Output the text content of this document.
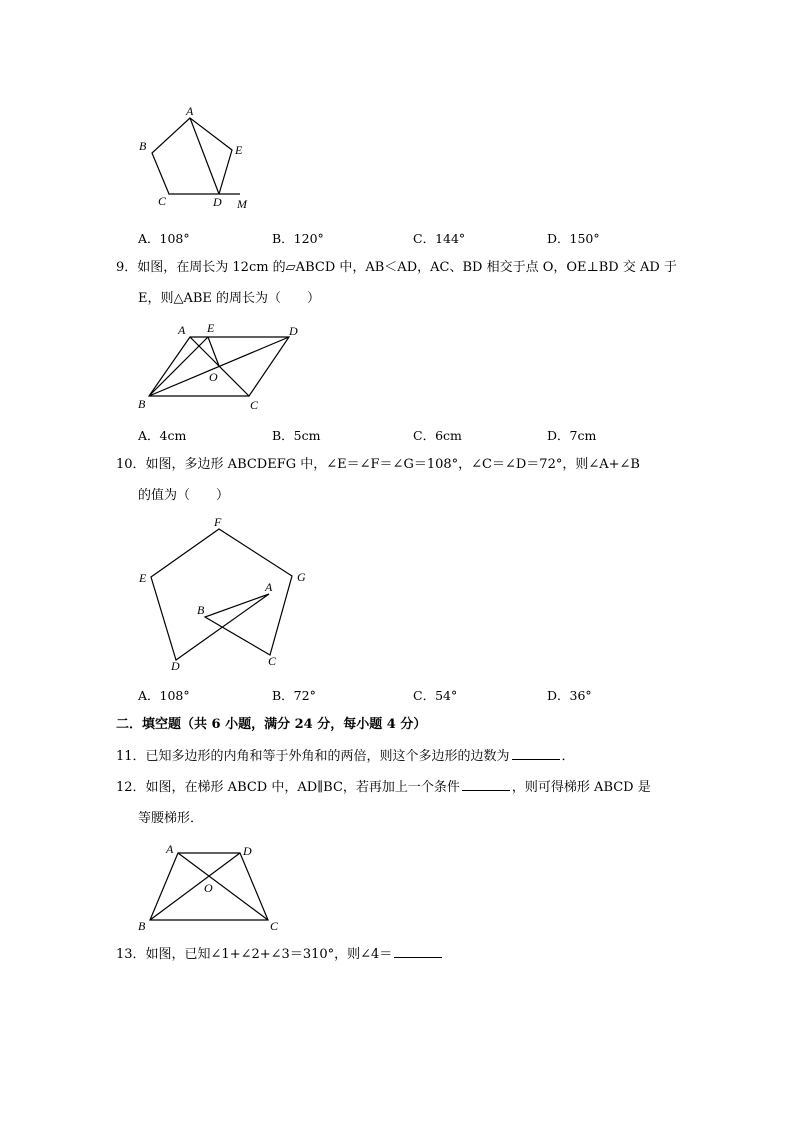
A
B
C	D
E
M
A．108°	B．120°	C．144°	D．150°
9．如图，在周长为 12cm 的▱ABCD 中，AB＜AD，AC、BD 相交于点 O，OE⊥BD 交 AD 于
E，则△ABE 的周长为（　　）
A E	D
O
B	C
A．4cm	B．5cm	C．6cm	D．7cm
10．如图，多边形 ABCDEFG 中，∠E＝∠F＝∠G＝108°，∠C＝∠D＝72°，则∠A+∠B
的值为（　　）
F
E	G
A
B
D	C
A．108°	B．72°	C．54°	D．36°
二．填空题（共 6 小题，满分 24 分，每小题 4 分）
11．已知多边形的内角和等于外角和的两倍，则这个多边形的边数为	．
12．如图，在梯形 ABCD 中，AD∥BC，若再加上一个条件	，则可得梯形 ABCD 是
等腰梯形．
A	D
O
B	C
13．如图，已知∠1+∠2+∠3＝310°，则∠4＝
